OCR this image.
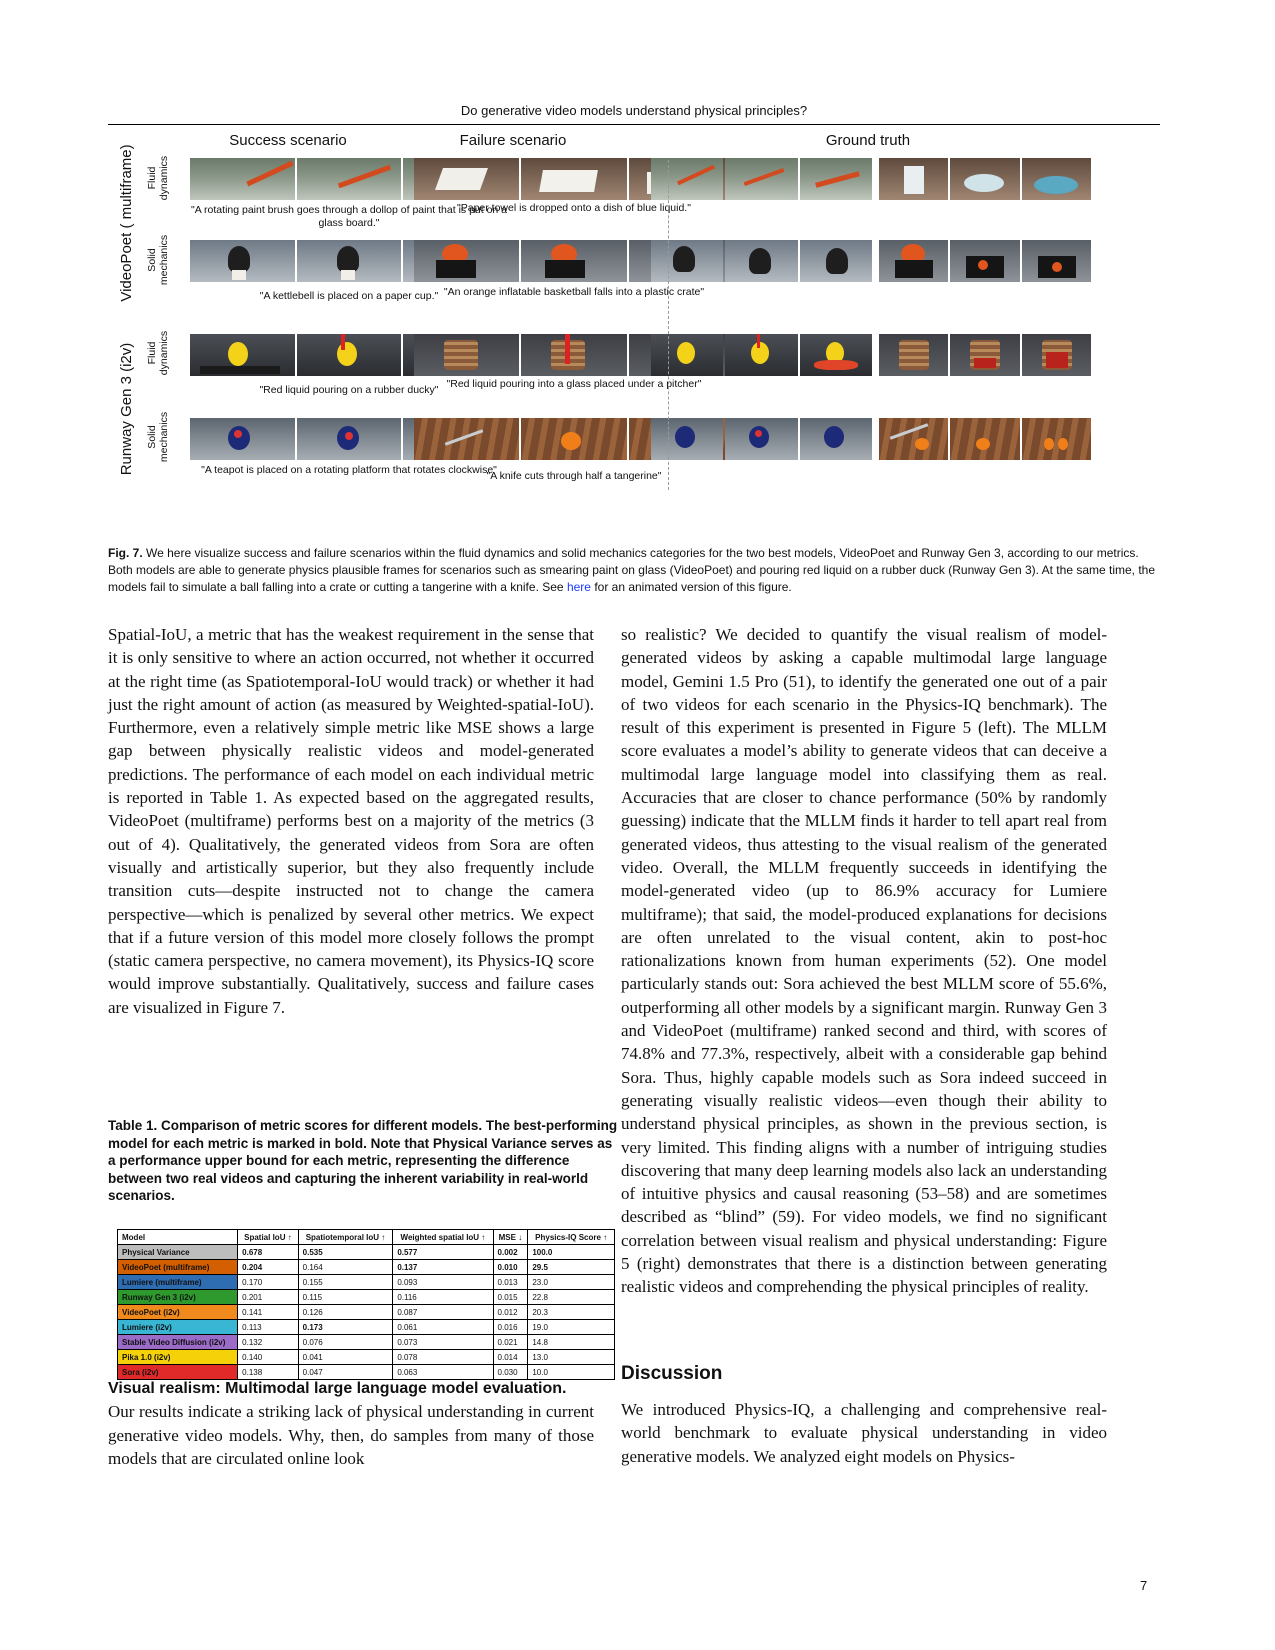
Do generative video models understand physical principles?
Success scenario	Failure scenario	Ground truth
VideoPoet ( multiframe)
Runway Gen 3 (i2v)
Fluid dynamics
Solid mechanics
Fluid dynamics
Solid mechanics
"A rotating paint brush goes through a dollop of paint that is put on a glass board."
"Paper towel is dropped onto a dish of blue liquid."
"A kettlebell is placed on a paper cup." "An orange inflatable basketball falls into a plastic crate"
"Red liquid pouring on a rubber ducky" "Red liquid pouring into a glass placed under a pitcher"
"A teapot is placed on a rotating platform that rotates clockwise"
"A knife cuts through half a tangerine"
Fig. 7. We here visualize success and failure scenarios within the fluid dynamics and solid mechanics categories for the two best models, VideoPoet and Runway Gen 3, according to our metrics. Both models are able to generate physics plausible frames for scenarios such as smearing paint on glass (VideoPoet) and pouring red liquid on a rubber duck (Runway Gen 3). At the same time, the models fail to simulate a ball falling into a crate or cutting a tangerine with a knife. See here for an animated version of this figure.

Spatial-IoU, a metric that has the weakest requirement in the sense that it is only sensitive to where an action occurred, not whether it occurred at the right time (as Spatiotemporal-IoU would track) or whether it had just the right amount of action (as measured by Weighted-spatial-IoU). Furthermore, even a relatively simple metric like MSE shows a large gap between physically realistic videos and model-generated predictions. The performance of each model on each individual metric is reported in Table 1. As expected based on the aggregated results, VideoPoet (multiframe) performs best on a majority of the metrics (3 out of 4). Qualitatively, the generated videos from Sora are often visually and artistically superior, but they also frequently include transition cuts—despite instructed not to change the camera perspective—which is penalized by several other metrics. We expect that if a future version of this model more closely follows the prompt (static camera perspective, no camera movement), its Physics-IQ score would improve substantially. Qualitatively, success and failure cases are visualized in Figure 7.

Table 1. Comparison of metric scores for different models. The best-performing model for each metric is marked in bold. Note that Physical Variance serves as a performance upper bound for each metric, representing the difference between two real videos and capturing the inherent variability in real-world scenarios.
Model	Spatial IoU ↑	Spatiotemporal IoU ↑	Weighted spatial IoU ↑	MSE ↓	Physics-IQ Score ↑
Physical Variance	0.678	0.535	0.577	0.002	100.0
VideoPoet (multiframe)	0.204	0.164	0.137	0.010	29.5
Lumiere (multiframe)	0.170	0.155	0.093	0.013	23.0
Runway Gen 3 (i2v)	0.201	0.115	0.116	0.015	22.8
VideoPoet (i2v)	0.141	0.126	0.087	0.012	20.3
Lumiere (i2v)	0.113	0.173	0.061	0.016	19.0
Stable Video Diffusion (i2v)	0.132	0.076	0.073	0.021	14.8
Pika 1.0 (i2v)	0.140	0.041	0.078	0.014	13.0
Sora (i2v)	0.138	0.047	0.063	0.030	10.0

Visual realism: Multimodal large language model evaluation.

Our results indicate a striking lack of physical understanding in current generative video models. Why, then, do samples from many of those models that are circulated online look

so realistic? We decided to quantify the visual realism of model-generated videos by asking a capable multimodal large language model, Gemini 1.5 Pro (51), to identify the generated one out of a pair of two videos for each scenario in the Physics-IQ benchmark). The result of this experiment is presented in Figure 5 (left). The MLLM score evaluates a model’s ability to generate videos that can deceive a multimodal large language model into classifying them as real. Accuracies that are closer to chance performance (50% by randomly guessing) indicate that the MLLM finds it harder to tell apart real from generated videos, thus attesting to the visual realism of the generated video. Overall, the MLLM frequently succeeds in identifying the model-generated video (up to 86.9% accuracy for Lumiere multiframe); that said, the model-produced explanations for decisions are often unrelated to the visual content, akin to post-hoc rationalizations known from human experiments (52). One model particularly stands out: Sora achieved the best MLLM score of 55.6%, outperforming all other models by a significant margin. Runway Gen 3 and VideoPoet (multiframe) ranked second and third, with scores of 74.8% and 77.3%, respectively, albeit with a considerable gap behind Sora. Thus, highly capable models such as Sora indeed succeed in generating visually realistic videos—even though their ability to understand physical principles, as shown in the previous section, is very limited. This finding aligns with a number of intriguing studies discovering that many deep learning models also lack an understanding of intuitive physics and causal reasoning (53–58) and are sometimes described as “blind” (59). For video models, we find no significant correlation between visual realism and physical understanding: Figure 5 (right) demonstrates that there is a distinction between generating realistic videos and comprehending the physical principles of reality.

Discussion

We introduced Physics-IQ, a challenging and comprehensive real-world benchmark to evaluate physical understanding in video generative models. We analyzed eight models on Physics-

7
